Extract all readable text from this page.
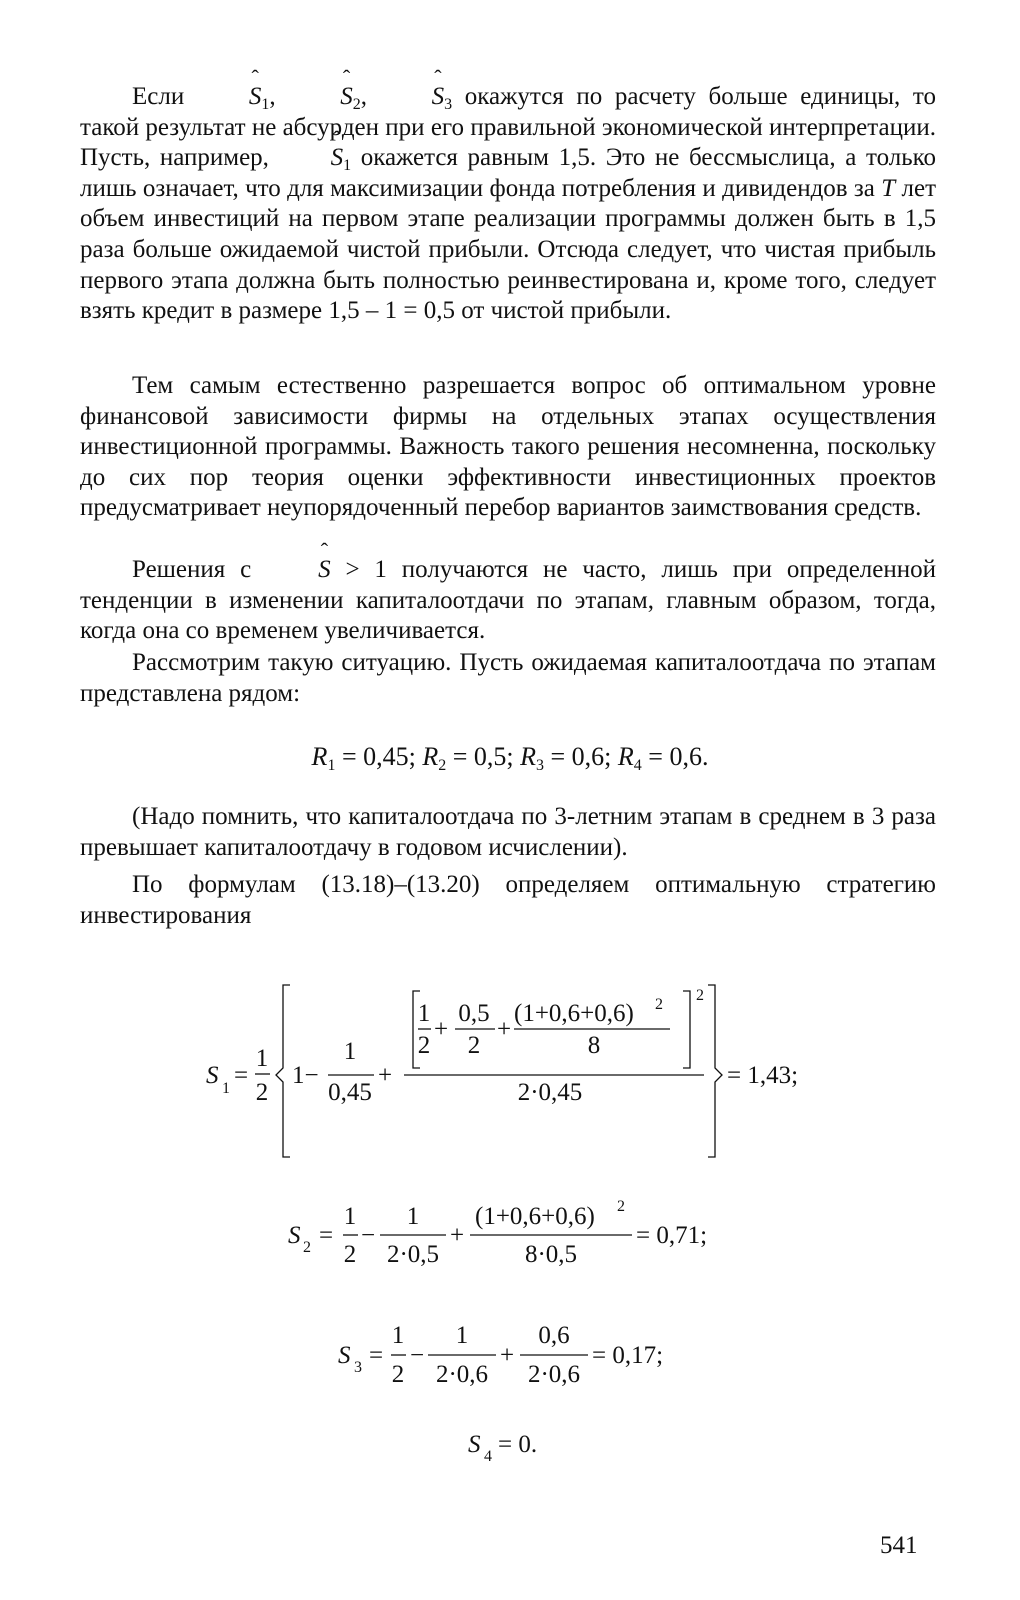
Если ˆ $S_1$, ˆ $S_2$, ˆ $S_3$ окажутся по расчету больше единицы, то такой результат не абсурден при его правильной экономической интерпретации. Пусть, например, ˆ $S_1$ окажется равным 1,5. Это не бессмыслица, а только лишь означает, что для максимизации фонда потребления и дивидендов за T лет объем инвестиций на первом этапе реализации программы должен быть в 1,5 раза больше ожидаемой чистой прибыли. Отсюда следует, что чистая прибыль первого этапа должна быть полностью реинвестирована и, кроме того, следует взять кредит в размере 1,5 – 1 = 0,5 от чистой прибыли.

Тем самым естественно разрешается вопрос об оптимальном уровне финансовой зависимости фирмы на отдельных этапах осуществления инвестиционной программы. Важность такого решения несомненна, поскольку до сих пор теория оценки эффективности инвестиционных проектов предусматривает неупорядоченный перебор вариантов заимствования средств.

Решения с ˆ S > 1 получаются не часто, лишь при определенной тенденции в изменении капиталоотдачи по этапам, главным образом, тогда, когда она со временем увеличивается.

Рассмотрим такую ситуацию. Пусть ожидаемая капиталоотдача по этапам представлена рядом:

$R_1 = 0,45$; $R_2 = 0,5$; $R_3 = 0,6$; $R_4 = 0,6$.

(Надо помнить, что капиталоотдача по 3-летним этапам в среднем в 3 раза превышает капиталоотдачу в годовом исчислении).

По формулам (13.18)–(13.20) определяем оптимальную стратегию инвестирования

S 1 =
1
2
1−
1
0,45
+
1
2
+
0,5
2
+
(1+0,6+0,6) 2
8
2
2·0,45
= 1,43;
S 2 =
1
2
−
1
2·0,5
+
(1+0,6+0,6) 2
8·0,5
= 0,71;
S 3 =
1
2
−
1
2·0,6
+
0,6
2·0,6
= 0,17;
S 4 = 0.
541
